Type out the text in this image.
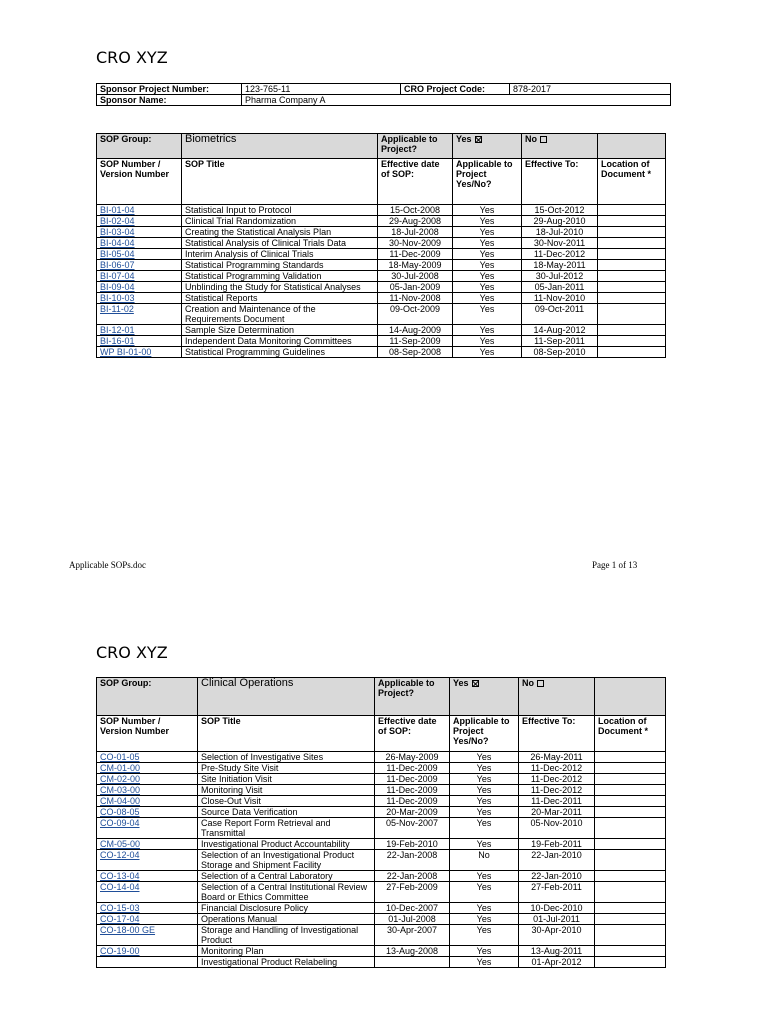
CRO XYZ
Sponsor Project Number:	123-765-11	CRO Project Code:	878-2017
Sponsor Name:	Pharma Company A		
SOP Group:	Biometrics	Applicable to Project?	Yes	No	
SOP Number / Version Number	SOP Title	Effective date of SOP:	Applicable to Project Yes/No?	Effective To:	Location of Document *
BI-01-04	Statistical Input to Protocol	15-Oct-2008	Yes	15-Oct-2012	
BI-02-04	Clinical Trial Randomization	29-Aug-2008	Yes	29-Aug-2010	
BI-03-04	Creating the Statistical Analysis Plan	18-Jul-2008	Yes	18-Jul-2010	
BI-04-04	Statistical Analysis of Clinical Trials Data	30-Nov-2009	Yes	30-Nov-2011	
BI-05-04	Interim Analysis of Clinical Trials	11-Dec-2009	Yes	11-Dec-2012	
BI-06-07	Statistical Programming Standards	18-May-2009	Yes	18-May-2011	
BI-07-04	Statistical Programming Validation	30-Jul-2008	Yes	30-Jul-2012	
BI-09-04	Unblinding the Study for Statistical Analyses	05-Jan-2009	Yes	05-Jan-2011	
BI-10-03	Statistical Reports	11-Nov-2008	Yes	11-Nov-2010	
BI-11-02	Creation and Maintenance of the Requirements Document	09-Oct-2009	Yes	09-Oct-2011	
BI-12-01	Sample Size Determination	14-Aug-2009	Yes	14-Aug-2012	
BI-16-01	Independent Data Monitoring Committees	11-Sep-2009	Yes	11-Sep-2011	
WP BI-01-00	Statistical Programming Guidelines	08-Sep-2008	Yes	08-Sep-2010	
Applicable SOPs.doc	Page 1 of 13
CRO XYZ
SOP Group:	Clinical Operations	Applicable to Project?	Yes	No	
SOP Number / Version Number	SOP Title	Effective date of SOP:	Applicable to Project Yes/No?	Effective To:	Location of Document *
CO-01-05	Selection of Investigative Sites	26-May-2009	Yes	26-May-2011	
CM-01-00	Pre-Study Site Visit	11-Dec-2009	Yes	11-Dec-2012	
CM-02-00	Site Initiation Visit	11-Dec-2009	Yes	11-Dec-2012	
CM-03-00	Monitoring Visit	11-Dec-2009	Yes	11-Dec-2012	
CM-04-00	Close-Out Visit	11-Dec-2009	Yes	11-Dec-2011	
CO-08-05	Source Data Verification	20-Mar-2009	Yes	20-Mar-2011	
CO-09-04	Case Report Form Retrieval and Transmittal	05-Nov-2007	Yes	05-Nov-2010	
CM-05-00	Investigational Product Accountability	19-Feb-2010	Yes	19-Feb-2011	
CO-12-04	Selection of an Investigational Product Storage and Shipment Facility	22-Jan-2008	No	22-Jan-2010	
CO-13-04	Selection of a Central Laboratory	22-Jan-2008	Yes	22-Jan-2010	
CO-14-04	Selection of a Central Institutional Review Board or Ethics Committee	27-Feb-2009	Yes	27-Feb-2011	
CO-15-03	Financial Disclosure Policy	10-Dec-2007	Yes	10-Dec-2010	
CO-17-04	Operations Manual	01-Jul-2008	Yes	01-Jul-2011	
CO-18-00 GE	Storage and Handling of Investigational Product	30-Apr-2007	Yes	30-Apr-2010	
CO-19-00	Monitoring Plan	13-Aug-2008	Yes	13-Aug-2011	
	Investigational Product Relabeling		Yes	01-Apr-2012	
